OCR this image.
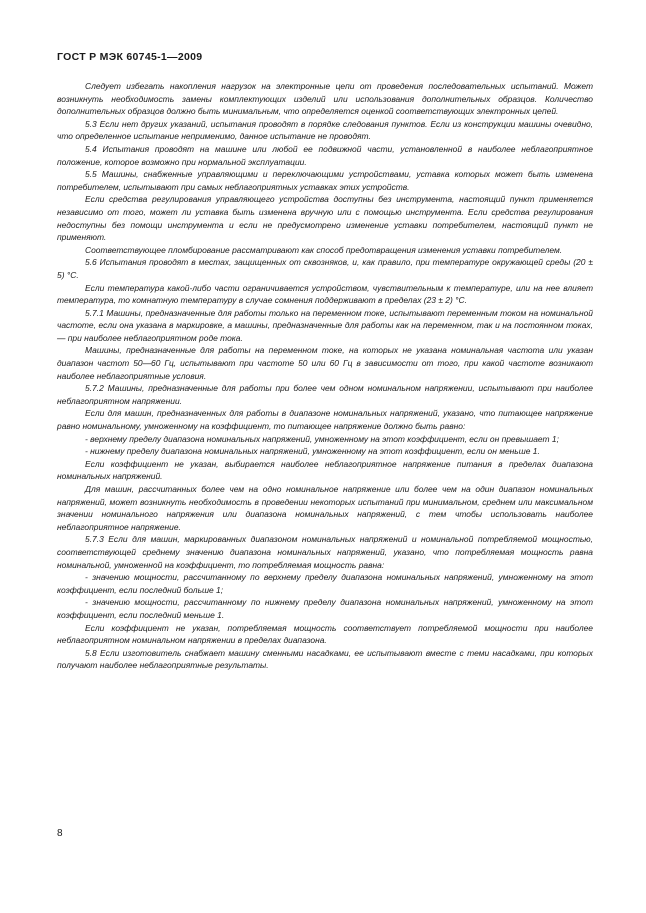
ГОСТ Р МЭК 60745-1—2009

Следует избегать накопления нагрузок на электронные цепи от проведения последовательных испытаний. Может возникнуть необходимость замены комплектующих изделий или использования дополнительных образцов. Количество дополнительных образцов должно быть минимальным, что определяется оценкой соответствующих электронных цепей.

5.3 Если нет других указаний, испытания проводят в порядке следования пунктов. Если из конструкции машины очевидно, что определенное испытание неприменимо, данное испытание не проводят.

5.4 Испытания проводят на машине или любой ее подвижной части, установленной в наиболее неблагоприятное положение, которое возможно при нормальной эксплуатации.

5.5 Машины, снабженные управляющими и переключающими устройствами, уставка которых может быть изменена потребителем, испытывают при самых неблагоприятных уставках этих устройств.

Если средства регулирования управляющего устройства доступны без инструмента, настоящий пункт применяется независимо от того, может ли уставка быть изменена вручную или с помощью инструмента. Если средства регулирования недоступны без помощи инструмента и если не предусмотрено изменение уставки потребителем, настоящий пункт не применяют.

Соответствующее пломбирование рассматривают как способ предотвращения изменения уставки потребителем.

5.6 Испытания проводят в местах, защищенных от сквозняков, и, как правило, при температуре окружающей среды (20 ± 5) °С.

Если температура какой-либо части ограничивается устройством, чувствительным к температуре, или на нее влияет температура, то комнатную температуру в случае сомнения поддерживают в пределах (23 ± 2) °С.

5.7.1 Машины, предназначенные для работы только на переменном токе, испытывают переменным током на номинальной частоте, если она указана в маркировке, а машины, предназначенные для работы как на переменном, так и на постоянном токах, — при наиболее неблагоприятном роде тока.

Машины, предназначенные для работы на переменном токе, на которых не указана номинальная частота или указан диапазон частот 50—60 Гц, испытывают при частоте 50 или 60 Гц в зависимости от того, при какой частоте возникают наиболее неблагоприятные условия.

5.7.2 Машины, предназначенные для работы при более чем одном номинальном напряжении, испытывают при наиболее неблагоприятном напряжении.

Если для машин, предназначенных для работы в диапазоне номинальных напряжений, указано, что питающее напряжение равно номинальному, умноженному на коэффициент, то питающее напряжение должно быть равно:

- верхнему пределу диапазона номинальных напряжений, умноженному на этот коэффициент, если он превышает 1;

- нижнему пределу диапазона номинальных напряжений, умноженному на этот коэффициент, если он меньше 1.

Если коэффициент не указан, выбирается наиболее неблагоприятное напряжение питания в пределах диапазона номинальных напряжений.

Для машин, рассчитанных более чем на одно номинальное напряжение или более чем на один диапазон номинальных напряжений, может возникнуть необходимость в проведении некоторых испытаний при минимальном, среднем или максимальном значении номинального напряжения или диапазона номинальных напряжений, с тем чтобы использовать наиболее неблагоприятное напряжение.

5.7.3 Если для машин, маркированных диапазоном номинальных напряжений и номинальной потребляемой мощностью, соответствующей среднему значению диапазона номинальных напряжений, указано, что потребляемая мощность равна номинальной, умноженной на коэффициент, то потребляемая мощность равна:

- значению мощности, рассчитанному по верхнему пределу диапазона номинальных напряжений, умноженному на этот коэффициент, если последний больше 1;

- значению мощности, рассчитанному по нижнему пределу диапазона номинальных напряжений, умноженному на этот коэффициент, если последний меньше 1.

Если коэффициент не указан, потребляемая мощность соответствует потребляемой мощности при наиболее неблагоприятном номинальном напряжении в пределах диапазона.

5.8 Если изготовитель снабжает машину сменными насадками, ее испытывают вместе с теми насадками, при которых получают наиболее неблагоприятные результаты.

8
